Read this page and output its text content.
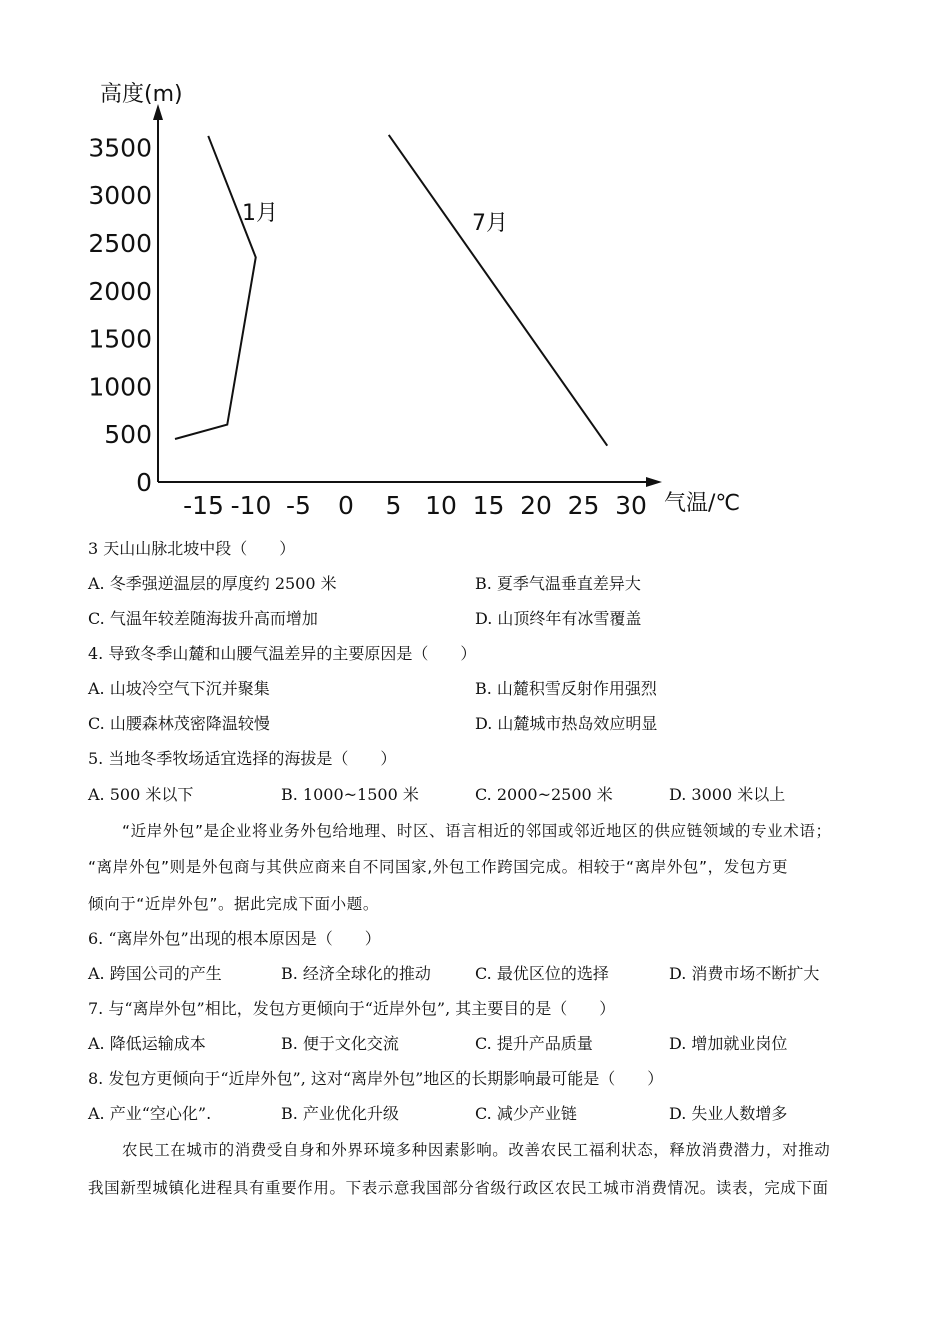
0
500
1000
1500
2000
2500
3000
3500
-15 -10 -5 0 5 10 15 20 25 30
1月	7月
高度(m)
气温/℃
3 天山山脉北坡中段（　　）
A. 冬季强逆温层的厚度约 2500 米	B. 夏季气温垂直差异大
C. 气温年较差随海拔升高而增加	D. 山顶终年有冰雪覆盖
4. 导致冬季山麓和山腰气温差异的主要原因是（　　）
A. 山坡冷空气下沉并聚集	B. 山麓积雪反射作用强烈
C. 山腰森林茂密降温较慢	D. 山麓城市热岛效应明显
5. 当地冬季牧场适宜选择的海拔是（　　）
A. 500 米以下	B. 1000~1500 米	C. 2000~2500 米	D. 3000 米以上
“近岸外包”是企业将业务外包给地理、时区、语言相近的邻国或邻近地区的供应链领域的专业术语；
“离岸外包”则是外包商与其供应商来自不同国家,外包工作跨国完成。相较于“离岸外包”，发包方更
倾向于“近岸外包”。据此完成下面小题。
6. “离岸外包”出现的根本原因是（　　）
A. 跨国公司的产生	B. 经济全球化的推动	C. 最优区位的选择	D. 消费市场不断扩大
7. 与“离岸外包”相比，发包方更倾向于“近岸外包”, 其主要目的是（　　）
A. 降低运输成本	B. 便于文化交流	C. 提升产品质量	D. 增加就业岗位
8. 发包方更倾向于“近岸外包”, 这对“离岸外包”地区的长期影响最可能是（　　）
A. 产业“空心化”.	B. 产业优化升级	C. 减少产业链	D. 失业人数增多
农民工在城市的消费受自身和外界环境多种因素影响。改善农民工福利状态，释放消费潜力，对推动
我国新型城镇化进程具有重要作用。下表示意我国部分省级行政区农民工城市消费情况。读表，完成下面
